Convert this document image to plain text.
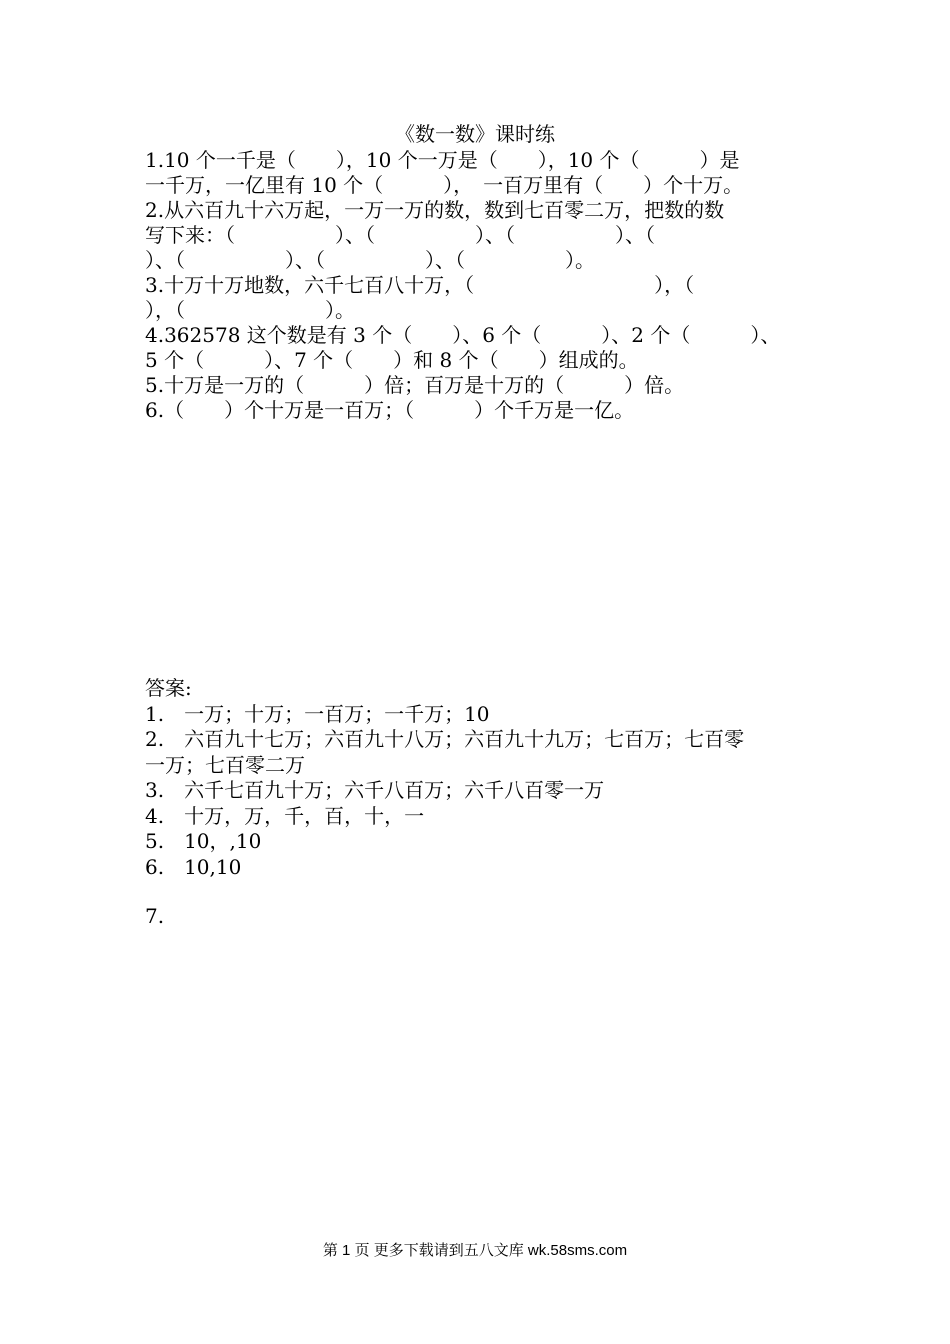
《数一数》课时练
1.10 个一千是（　　），10 个一万是（　　），10 个（　　　）是
一千万，一亿里有 10 个（　　　），　一百万里有（　　）个十万。
2.从六百九十六万起，一万一万的数，数到七百零二万，把数的数
写下来：（　　　　　）、（　　　　　）、（　　　　　）、（
）、（　　　　　）、（　　　　　）、（　　　　　）。
3.十万十万地数，六千七百八十万，（　　　　　　　　　），（
），（　　　　　　　）。
4.362578 这个数是有 3 个（　　）、6 个（　　　）、2 个（　　　）、
5 个（　　　）、7 个（　　）和 8 个（　　）组成的。
5.十万是一万的（　　　）倍；百万是十万的（　　　）倍。
6.（　　）个十万是一百万；（　　　）个千万是一亿。
答案:
1.　一万；十万；一百万；一千万；10
2.　六百九十七万；六百九十八万；六百九十九万；七百万；七百零
一万；七百零二万
3.　六千七百九十万；六千八百万；六千八百零一万
4.　十万，万，千，百，十，一
5.　10，,10
6.　10,10
7.
第 1 页 更多下载请到五八文库 wk.58sms.com
